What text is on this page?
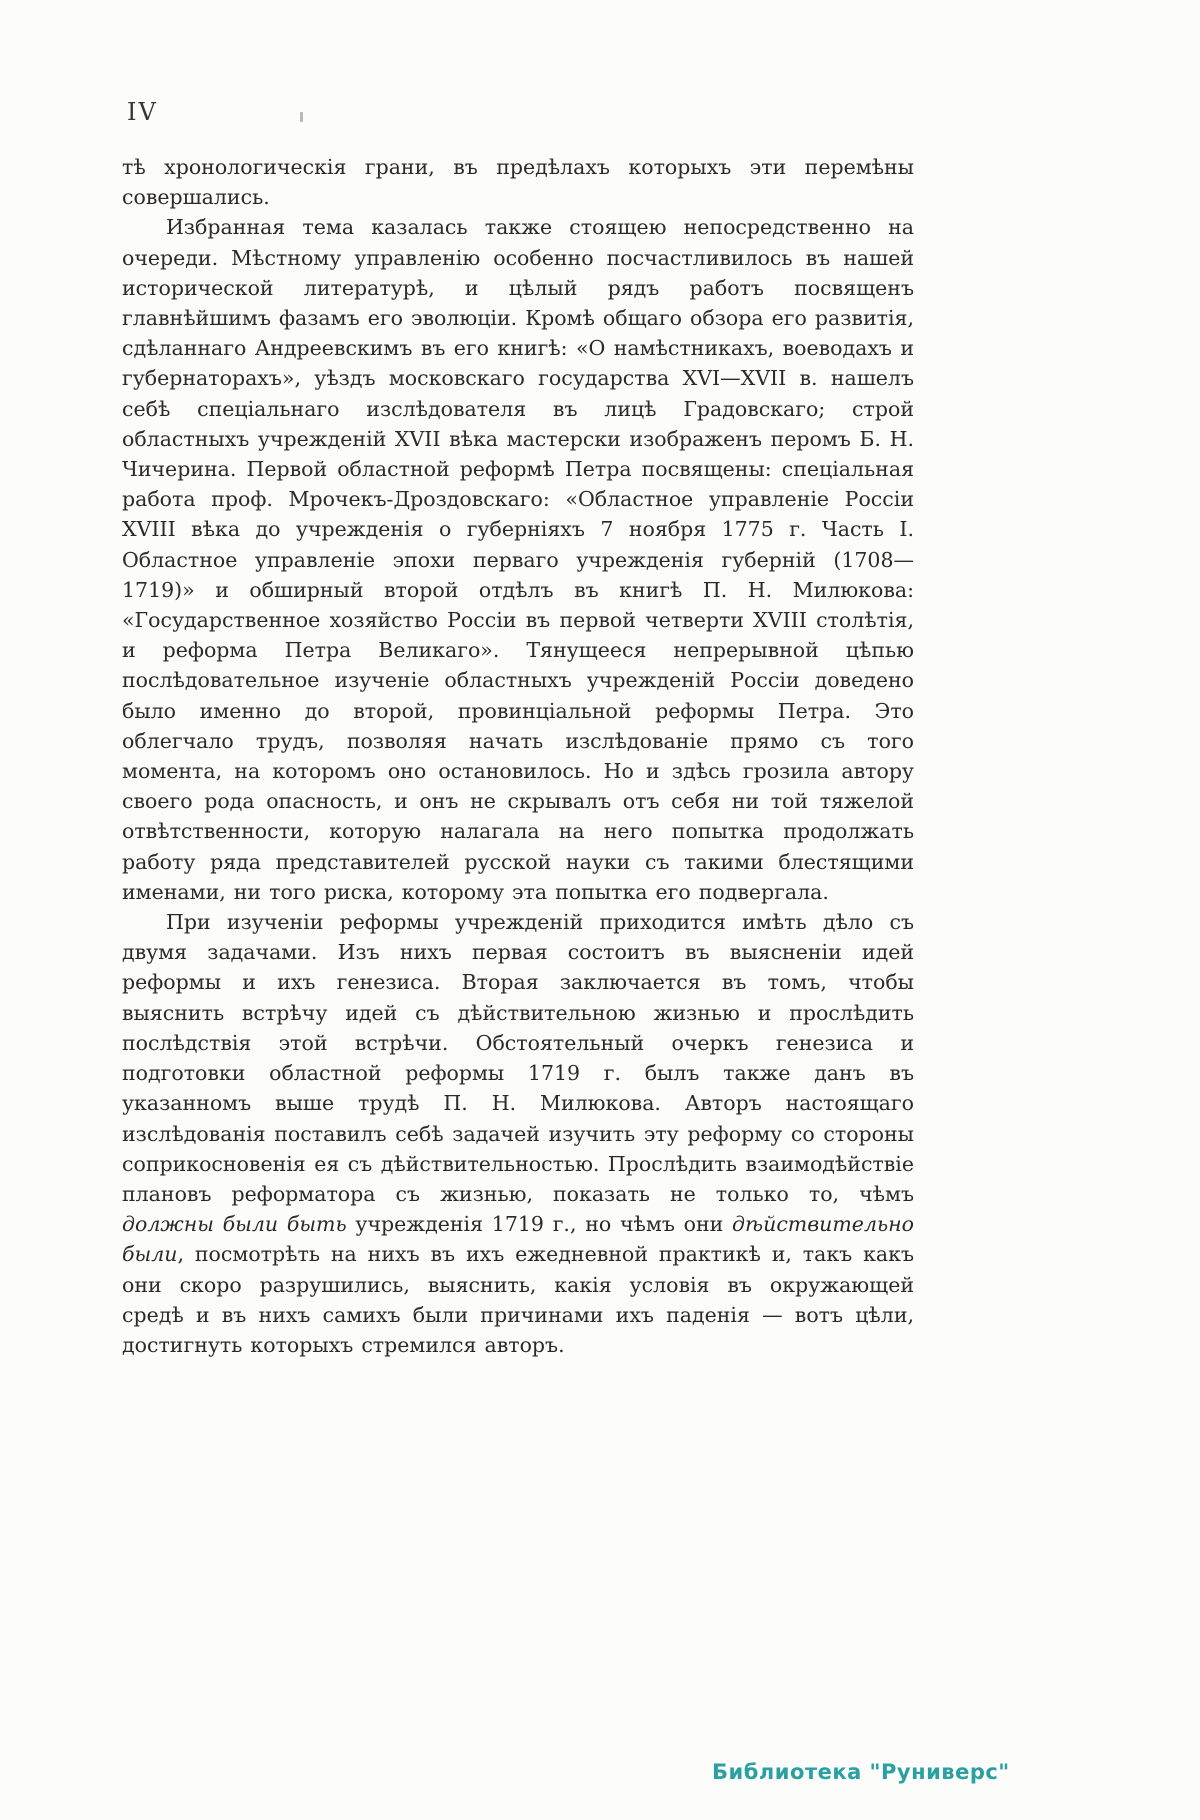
IV

тѣ хронологическія грани, въ предѣлахъ которыхъ эти перемѣны совершались.

Избранная тема казалась также стоящею непосредственно на очереди. Мѣстному управленію особенно посчастливилось въ нашей исторической литературѣ, и цѣлый рядъ работъ посвященъ главнѣйшимъ фазамъ его эволюціи. Кромѣ общаго обзора его развитія, сдѣланнаго Андреевскимъ въ его книгѣ: «О намѣстникахъ, воеводахъ и губернаторахъ», уѣздъ московскаго государства XVI—XVII в. нашелъ себѣ спеціальнаго изслѣдователя въ лицѣ Градовскаго; строй областныхъ учрежденій XVII вѣка мастерски изображенъ перомъ Б. Н. Чичерина. Первой областной реформѣ Петра посвящены: спеціальная работа проф. Мрочекъ-Дроздовскаго: «Областное управленіе Россіи XVIII вѣка до учрежденія о губерніяхъ 7 ноября 1775 г. Часть I. Областное управленіе эпохи перваго учрежденія губерній (1708—1719)» и обширный второй отдѣлъ въ книгѣ П. Н. Милюкова: «Государственное хозяйство Россіи въ первой четверти XVIII столѣтія, и реформа Петра Великаго». Тянущееся непрерывной цѣпью послѣдовательное изученіе областныхъ учрежденій Россіи доведено было именно до второй, провинціальной реформы Петра. Это облегчало трудъ, позволяя начать изслѣдованіе прямо съ того момента, на которомъ оно остановилось. Но и здѣсь грозила автору своего рода опасность, и онъ не скрывалъ отъ себя ни той тяжелой отвѣтственности, которую налагала на него попытка продолжать работу ряда представителей русской науки съ такими блестящими именами, ни того риска, которому эта попытка его подвергала.

При изученіи реформы учрежденій приходится имѣть дѣло съ двумя задачами. Изъ нихъ первая состоитъ въ выясненіи идей реформы и ихъ генезиса. Вторая заключается въ томъ, чтобы выяснить встрѣчу идей съ дѣйствительною жизнью и прослѣдить послѣдствія этой встрѣчи. Обстоятельный очеркъ генезиса и подготовки областной реформы 1719 г. былъ также данъ въ указанномъ выше трудѣ П. Н. Милюкова. Авторъ настоящаго изслѣдованія поставилъ себѣ задачей изучить эту реформу со стороны соприкосновенія ея съ дѣйствительностью. Прослѣдить взаимодѣйствіе плановъ реформатора съ жизнью, показать не только то, чѣмъ должны были быть учрежденія 1719 г., но чѣмъ они дѣйствительно были, посмотрѣть на нихъ въ ихъ ежедневной практикѣ и, такъ какъ они скоро разрушились, выяснить, какія условія въ окружающей средѣ и въ нихъ самихъ были причинами ихъ паденія — вотъ цѣли, достигнуть которыхъ стремился авторъ.

Библиотека "Руниверс"
